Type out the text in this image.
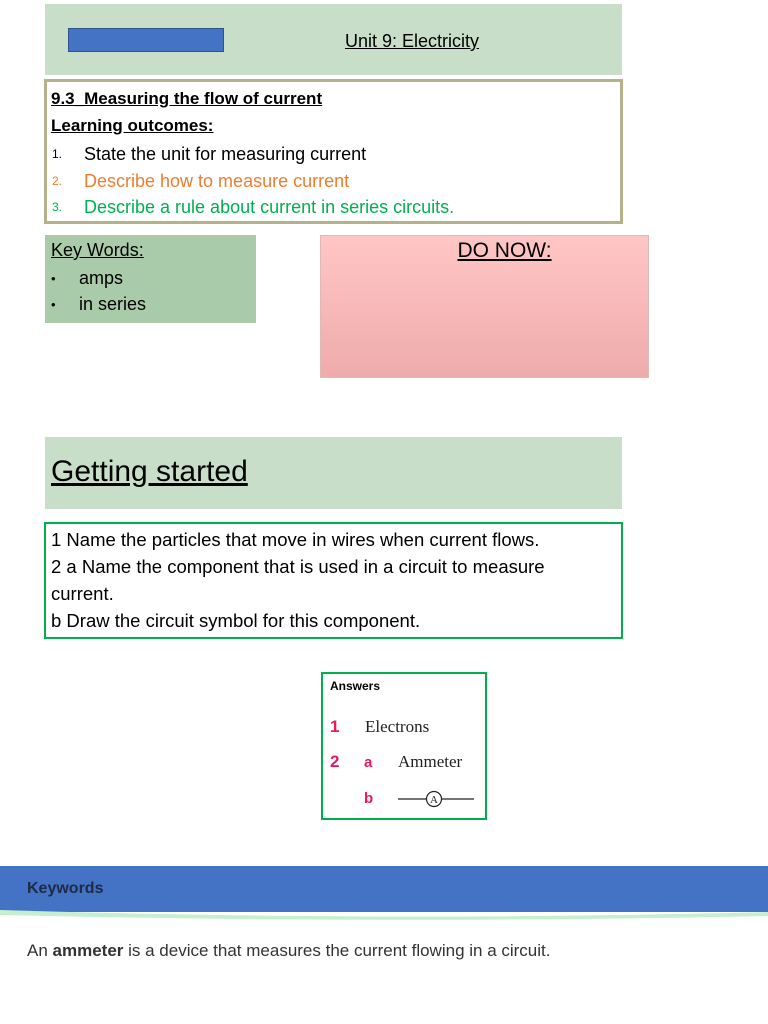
Unit 9: Electricity
9.3_Measuring the flow of current
Learning outcomes:
1. State the unit for measuring current
2. Describe how to measure current
3. Describe a rule about current in series circuits.
Key Words:
• amps
• in series
DO NOW:
Getting started
1 Name the particles that move in wires when current flows.
2 a Name the component that is used in a circuit to measure
current.
b Draw the circuit symbol for this component.
Answers
1 Electrons
2 a Ammeter
b	A
Keywords
An ammeter is a device that measures the current flowing in a circuit.
